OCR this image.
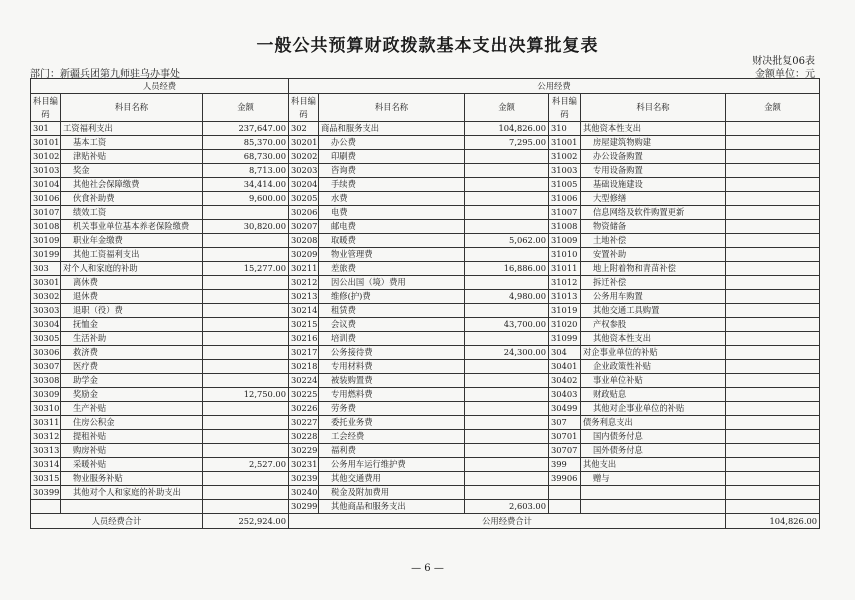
一般公共预算财政拨款基本支出决算批复表
财决批复06表
部门：新疆兵团第九师驻乌办事处	金额单位：元
人员经费			公用经费					
科目编码	科目名称	金额	科目编码	科目名称	金额	科目编码	科目名称	金额
301	工资福利支出	237,647.00	302	商品和服务支出	104,826.00	310	其他资本性支出	
30101	基本工资	85,370.00	30201	办公费	7,295.00	31001	房屋建筑物购建	
30102	津贴补贴	68,730.00	30202	印刷费		31002	办公设备购置	
30103	奖金	8,713.00	30203	咨询费		31003	专用设备购置	
30104	其他社会保障缴费	34,414.00	30204	手续费		31005	基础设施建设	
30106	伙食补助费	9,600.00	30205	水费		31006	大型修缮	
30107	绩效工资		30206	电费		31007	信息网络及软件购置更新	
30108	机关事业单位基本养老保险缴费	30,820.00	30207	邮电费		31008	物资储备	
30109	职业年金缴费		30208	取暖费	5,062.00	31009	土地补偿	
30199	其他工资福利支出		30209	物业管理费		31010	安置补助	
303	对个人和家庭的补助	15,277.00	30211	差旅费	16,886.00	31011	地上附着物和青苗补偿	
30301	离休费		30212	因公出国（境）费用		31012	拆迁补偿	
30302	退休费		30213	维修(护)费	4,980.00	31013	公务用车购置	
30303	退职（役）费		30214	租赁费		31019	其他交通工具购置	
30304	抚恤金		30215	会议费	43,700.00	31020	产权参股	
30305	生活补助		30216	培训费		31099	其他资本性支出	
30306	救济费		30217	公务接待费	24,300.00	304	对企事业单位的补贴	
30307	医疗费		30218	专用材料费		30401	企业政策性补贴	
30308	助学金		30224	被装购置费		30402	事业单位补贴	
30309	奖励金	12,750.00	30225	专用燃料费		30403	财政贴息	
30310	生产补贴		30226	劳务费		30499	其他对企事业单位的补贴	
30311	住房公积金		30227	委托业务费		307	债务利息支出	
30312	提租补贴		30228	工会经费		30701	国内债务付息	
30313	购房补贴		30229	福利费		30707	国外债务付息	
30314	采暖补贴	2,527.00	30231	公务用车运行维护费		399	其他支出	
30315	物业服务补贴		30239	其他交通费用		39906	赠与	
30399	其他对个人和家庭的补助支出		30240	税金及附加费用				
			30299	其他商品和服务支出	2,603.00			
人员经费合计		252,924.00	公用经费合计					104,826.00
— 6 —
